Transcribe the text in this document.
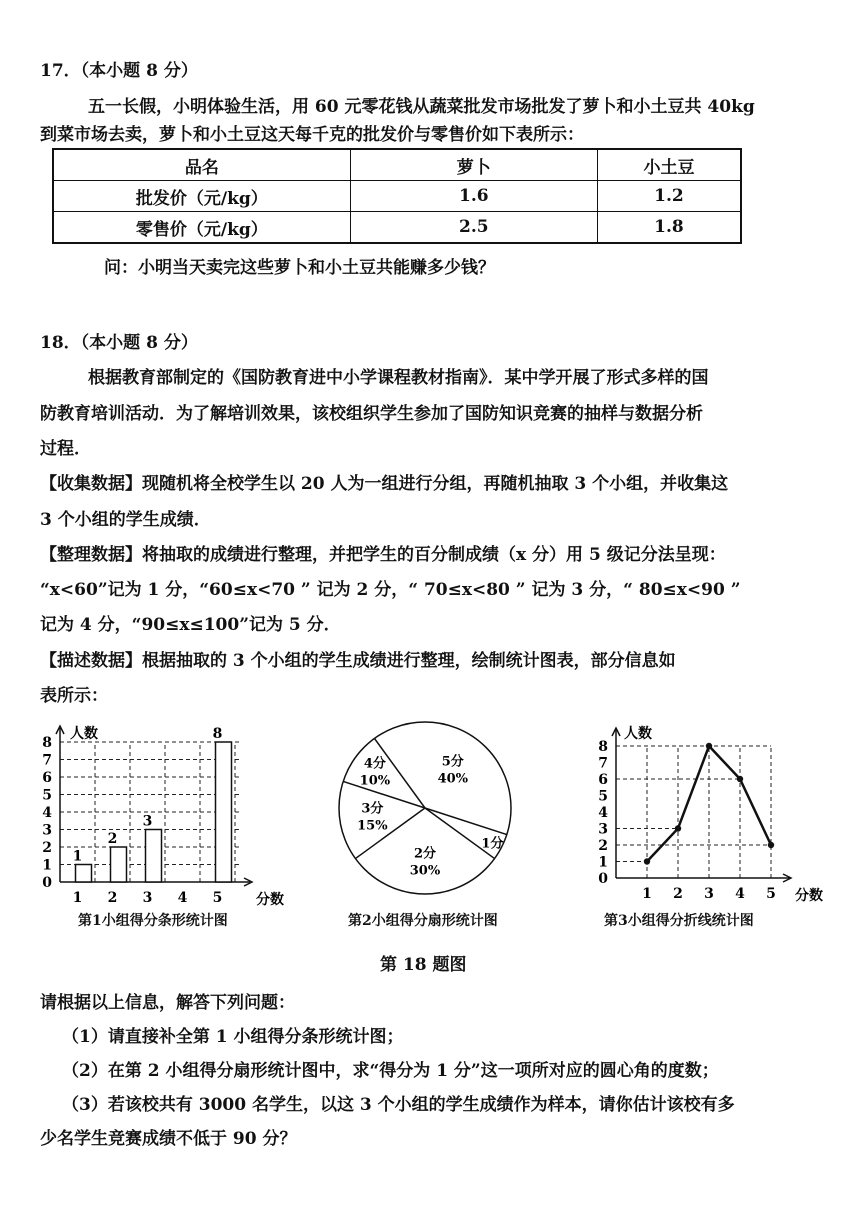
17．（本小题 8 分）
五一长假，小明体验生活，用 60 元零花钱从蔬菜批发市场批发了萝卜和小土豆共 40kg
到菜市场去卖，萝卜和小土豆这天每千克的批发价与零售价如下表所示：
品名	萝卜	小土豆
批发价（元/kg）	1.6	1.2
零售价（元/kg）	2.5	1.8
问：小明当天卖完这些萝卜和小土豆共能赚多少钱？
18．（本小题 8 分）
根据教育部制定的《国防教育进中小学课程教材指南》．某中学开展了形式多样的国
防教育培训活动．为了解培训效果，该校组织学生参加了国防知识竞赛的抽样与数据分析
过程．
【收集数据】现随机将全校学生以 20 人为一组进行分组，再随机抽取 3 个小组，并收集这
3 个小组的学生成绩．
【整理数据】将抽取的成绩进行整理，并把学生的百分制成绩（x 分）用 5 级记分法呈现：
“x<60”记为 1 分，“60≤x<70 ” 记为 2 分，“ 70≤x<80 ” 记为 3 分，“ 80≤x<90 ”
记为 4 分，“90≤x≤100”记为 5 分．
【描述数据】根据抽取的 3 个小组的学生成绩进行整理，绘制统计图表，部分信息如
表所示：
0
1
2
3
4
5
6
7
8
1
1
2
2
3
3
4 5
8
人数
分数
第1小组得分条形统计图
5分
40%
4分
10%
3分
15%
2分
30%
1分
第2小组得分扇形统计图
0
1
2
3
4
5
6
7
8
1 2 3 4 5
人数
分数
第3小组得分折线统计图
第 18 题图
请根据以上信息，解答下列问题：
（1）请直接补全第 1 小组得分条形统计图；
（2）在第 2 小组得分扇形统计图中，求“得分为 1 分”这一项所对应的圆心角的度数；
（3）若该校共有 3000 名学生，以这 3 个小组的学生成绩作为样本，请你估计该校有多
少名学生竞赛成绩不低于 90 分？
